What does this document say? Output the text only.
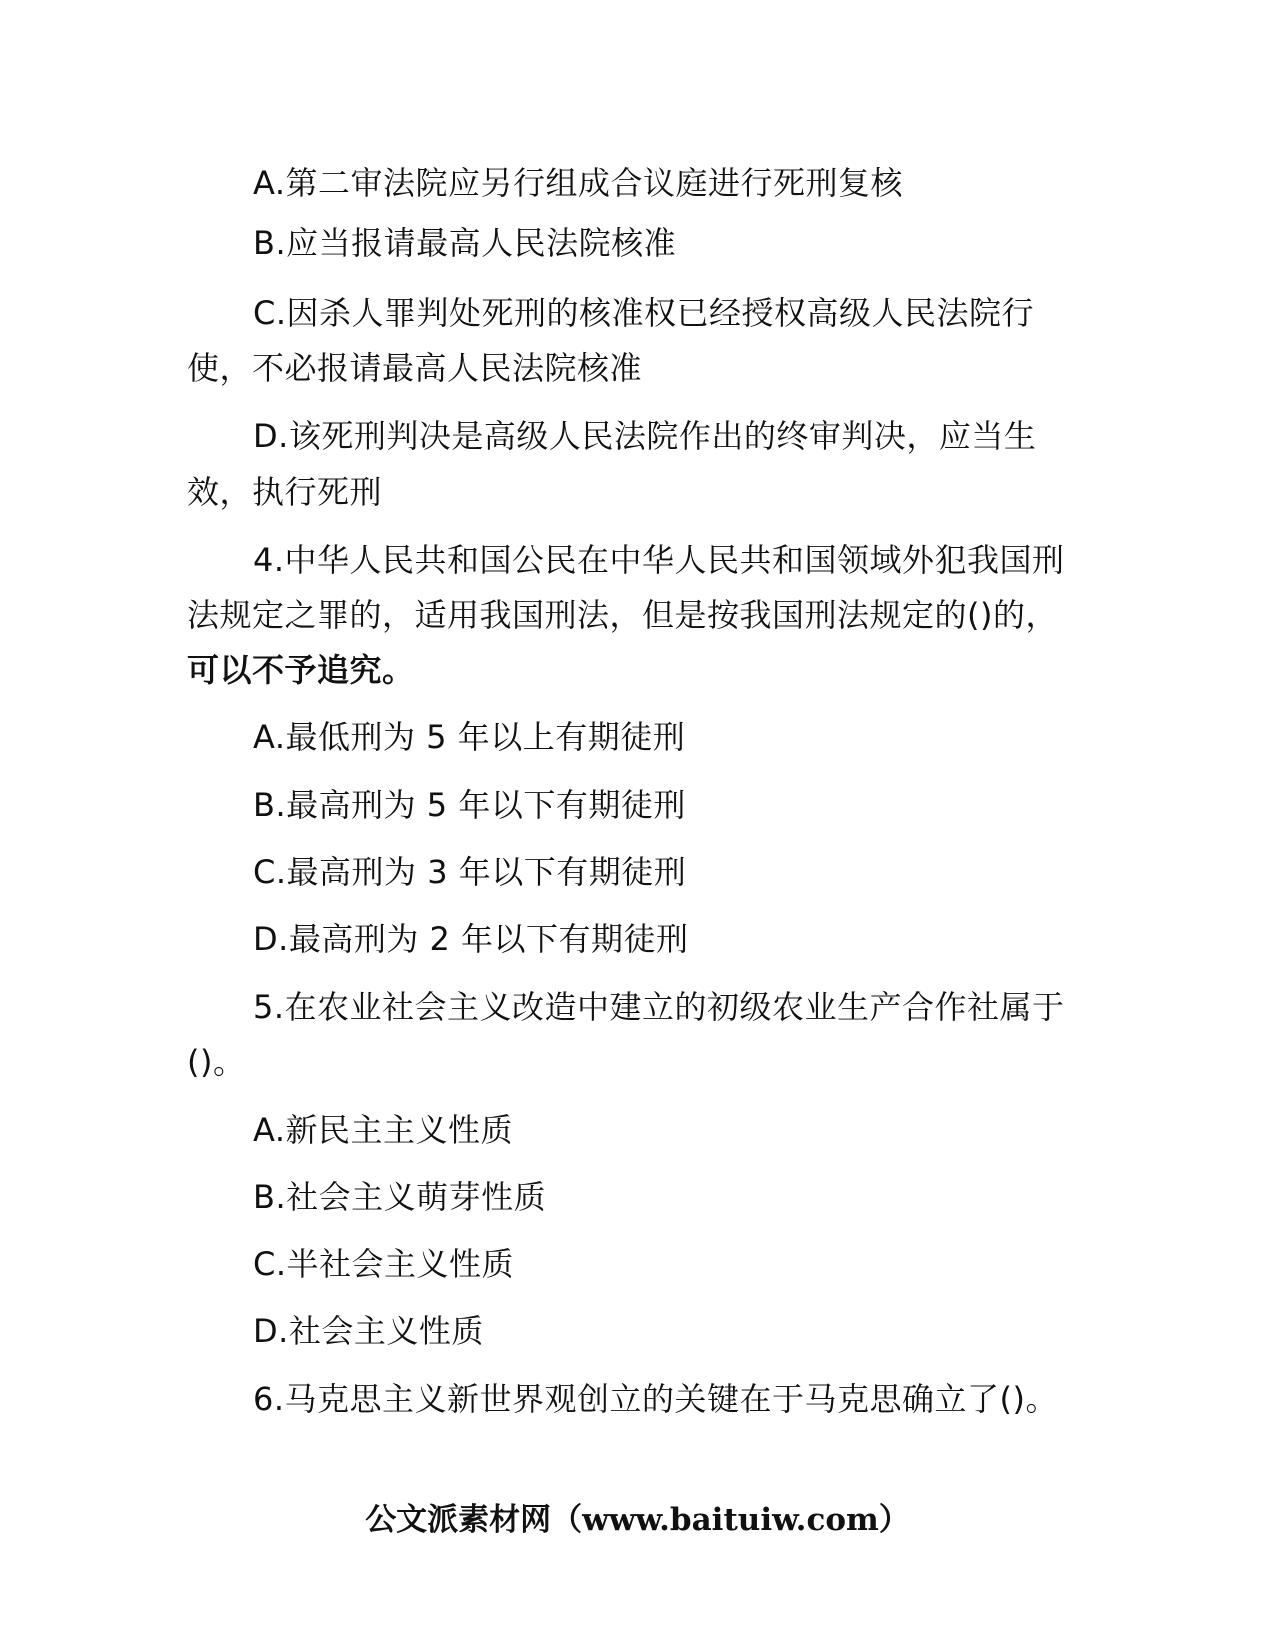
A.第二审法院应另行组成合议庭进行死刑复核
B.应当报请最高人民法院核准
C.因杀人罪判处死刑的核准权已经授权高级人民法院行
使，不必报请最高人民法院核准
D.该死刑判决是高级人民法院作出的终审判决，应当生
效，执行死刑
4.中华人民共和国公民在中华人民共和国领域外犯我国刑
法规定之罪的，适用我国刑法，但是按我国刑法规定的()的，
可以不予追究。
A.最低刑为 5 年以上有期徒刑
B.最高刑为 5 年以下有期徒刑
C.最高刑为 3 年以下有期徒刑
D.最高刑为 2 年以下有期徒刑
5.在农业社会主义改造中建立的初级农业生产合作社属于
()。
A.新民主主义性质
B.社会主义萌芽性质
C.半社会主义性质
D.社会主义性质
6.马克思主义新世界观创立的关键在于马克思确立了()。
公文派素材网（www.baituiw.com）
